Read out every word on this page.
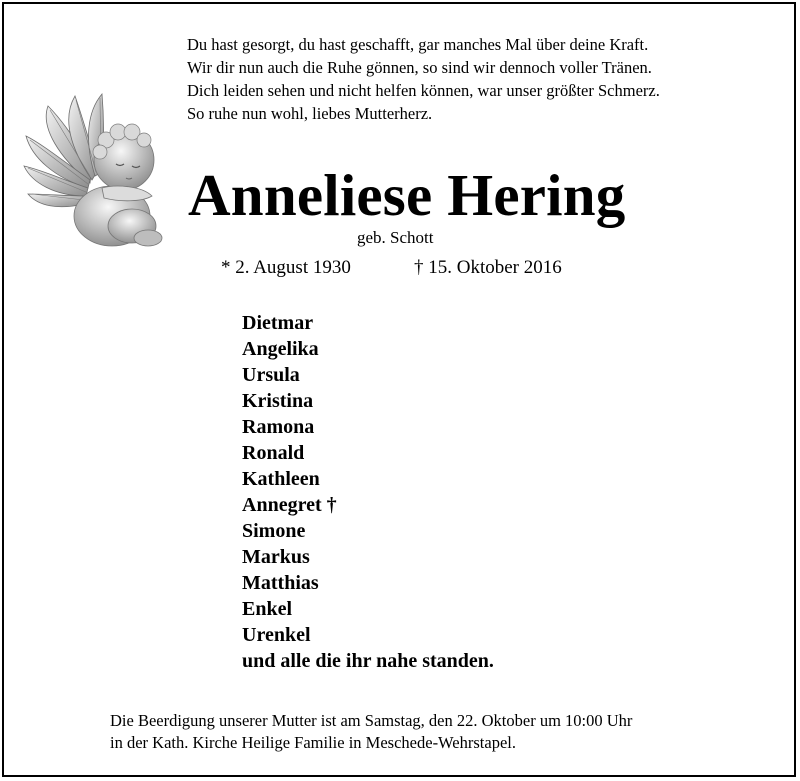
Du hast gesorgt, du hast geschafft, gar manches Mal über deine Kraft.
Wir dir nun auch die Ruhe gönnen, so sind wir dennoch voller Tränen.
Dich leiden sehen und nicht helfen können, war unser größter Schmerz.
So ruhe nun wohl, liebes Mutterherz.

Anneliese Hering
geb. Schott
* 2. August 1930	† 15. Oktober 2016
Dietmar
Angelika
Ursula
Kristina
Ramona
Ronald
Kathleen
Annegret †
Simone
Markus
Matthias
Enkel
Urenkel
und alle die ihr nahe standen.

Die Beerdigung unserer Mutter ist am Samstag, den 22. Oktober um 10:00 Uhr
in der Kath. Kirche Heilige Familie in Meschede-Wehrstapel.
